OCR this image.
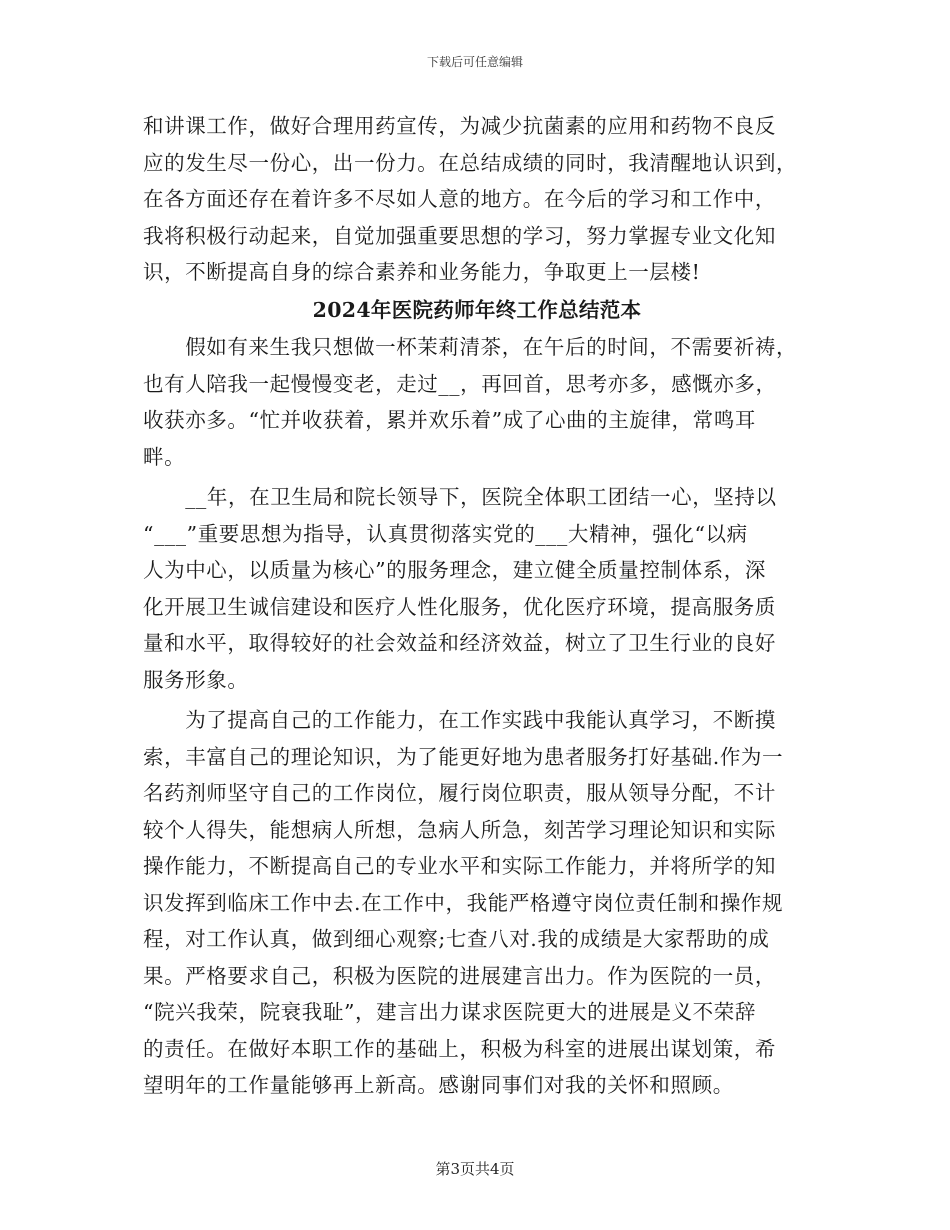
下载后可任意编辑

和讲课工作，做好合理用药宣传，为减少抗菌素的应用和药物不良反
应的发生尽一份心，出一份力。在总结成绩的同时，我清醒地认识到，
在各方面还存在着许多不尽如人意的地方。在今后的学习和工作中，
我将积极行动起来，自觉加强重要思想的学习，努力掌握专业文化知
识，不断提高自身的综合素养和业务能力，争取更上一层楼!

2024年医院药师年终工作总结范本

　　假如有来生我只想做一杯茉莉清茶，在午后的时间，不需要祈祷，
也有人陪我一起慢慢变老，走过__，再回首，思考亦多，感慨亦多，
收获亦多。“忙并收获着，累并欢乐着”成了心曲的主旋律，常鸣耳
畔。

　　__年，在卫生局和院长领导下，医院全体职工团结一心，坚持以
“___”重要思想为指导，认真贯彻落实党的___大精神，强化“以病
人为中心，以质量为核心”的服务理念，建立健全质量控制体系，深
化开展卫生诚信建设和医疗人性化服务，优化医疗环境，提高服务质
量和水平，取得较好的社会效益和经济效益，树立了卫生行业的良好
服务形象。

　　为了提高自己的工作能力，在工作实践中我能认真学习，不断摸
索，丰富自己的理论知识，为了能更好地为患者服务打好基础.作为一
名药剂师坚守自己的工作岗位，履行岗位职责，服从领导分配，不计
较个人得失，能想病人所想，急病人所急，刻苦学习理论知识和实际
操作能力，不断提高自己的专业水平和实际工作能力，并将所学的知
识发挥到临床工作中去.在工作中，我能严格遵守岗位责任制和操作规
程，对工作认真，做到细心观察;七查八对.我的成绩是大家帮助的成
果。严格要求自己，积极为医院的进展建言出力。作为医院的一员，
“院兴我荣，院衰我耻”，建言出力谋求医院更大的进展是义不荣辞
的责任。在做好本职工作的基础上，积极为科室的进展出谋划策，希
望明年的工作量能够再上新高。感谢同事们对我的关怀和照顾。

第3页共4页
